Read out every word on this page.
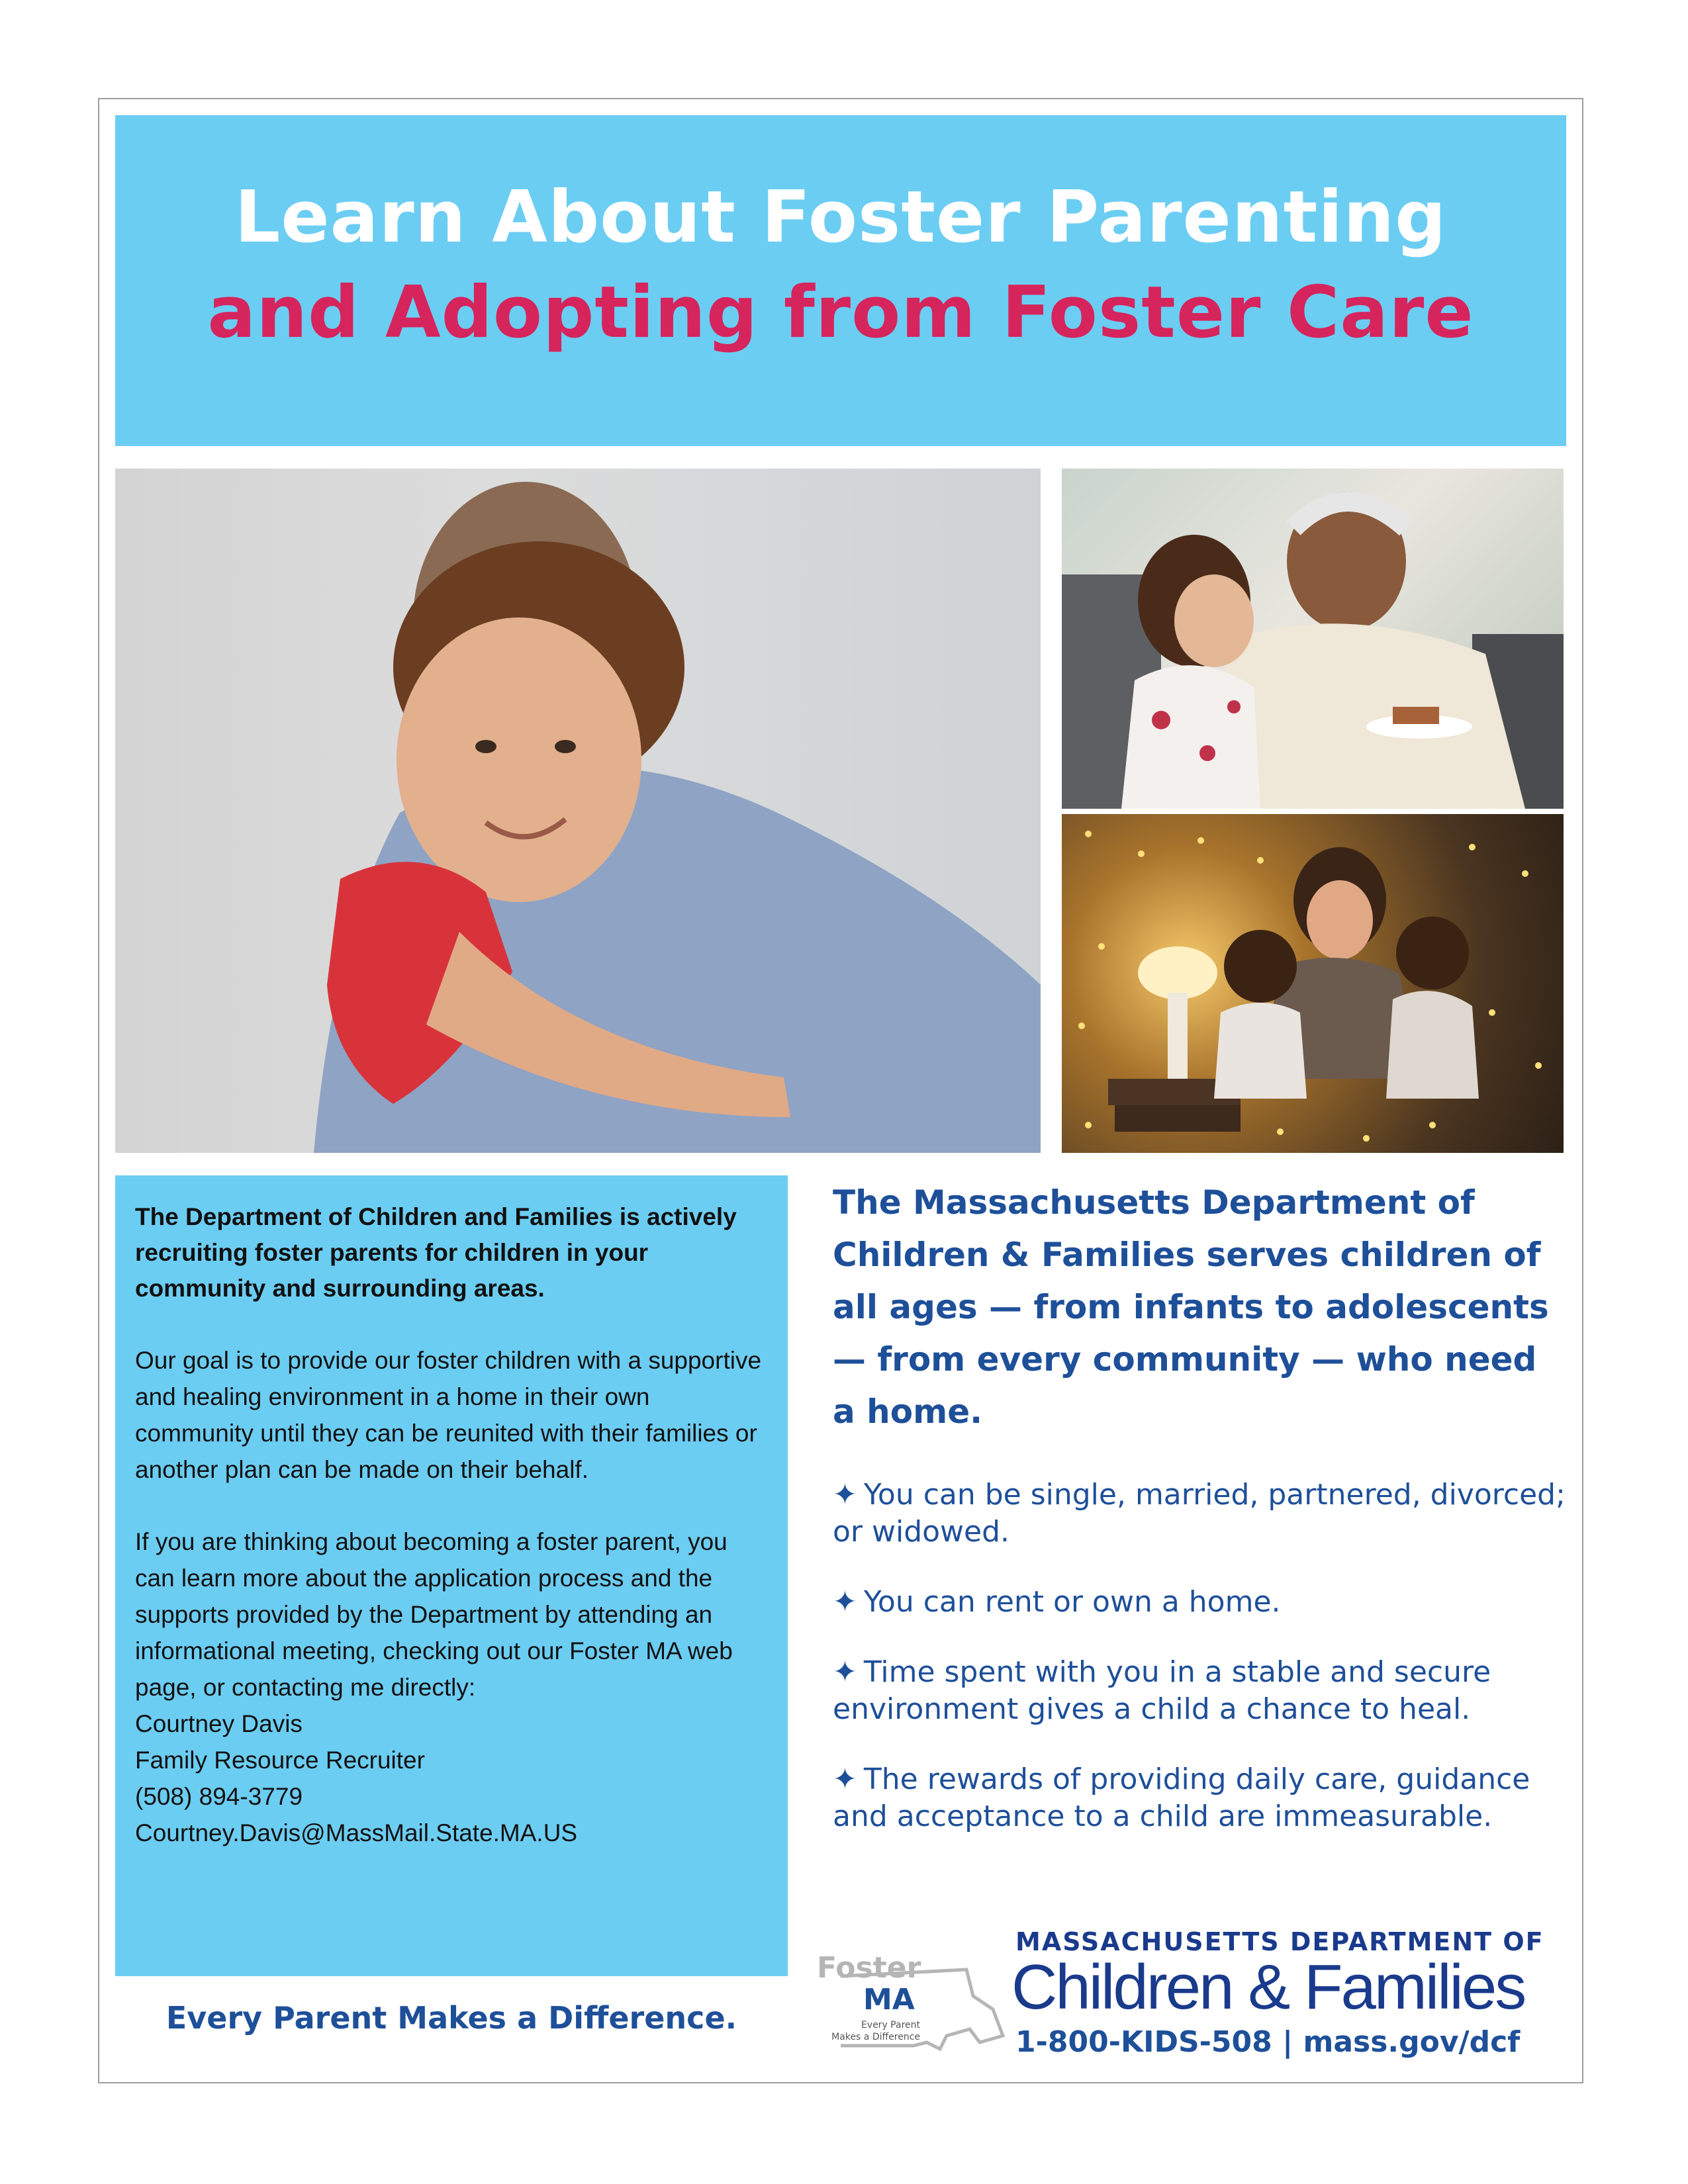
Learn About Foster Parenting
and Adopting from Foster Care
The Department of Children and Families is actively recruiting foster parents for children in your community and surrounding areas.
Our goal is to provide our foster children with a supportive and healing environment in a home in their own community until they can be reunited with their families or another plan can be made on their behalf.
If you are thinking about becoming a foster parent, you can learn more about the application process and the supports provided by the Department by attending an informational meeting, checking out our Foster MA web page, or contacting me directly:
Courtney Davis
Family Resource Recruiter
(508) 894-3779
Courtney.Davis@MassMail.State.MA.US
Every Parent Makes a Difference.
The Massachusetts Department of Children & Families serves children of all ages — from infants to adolescents — from every community — who need a home.
✦ You can be single, married, partnered, divorced; or widowed.
✦ You can rent or own a home.
✦ Time spent with you in a stable and secure environment gives a child a chance to heal.
✦ The rewards of providing daily care, guidance and acceptance to a child are immeasurable.
Foster
MA
Every Parent
Makes a Difference
MASSACHUSETTS DEPARTMENT OF
Children & Families
1-800-KIDS-508 | mass.gov/dcf
